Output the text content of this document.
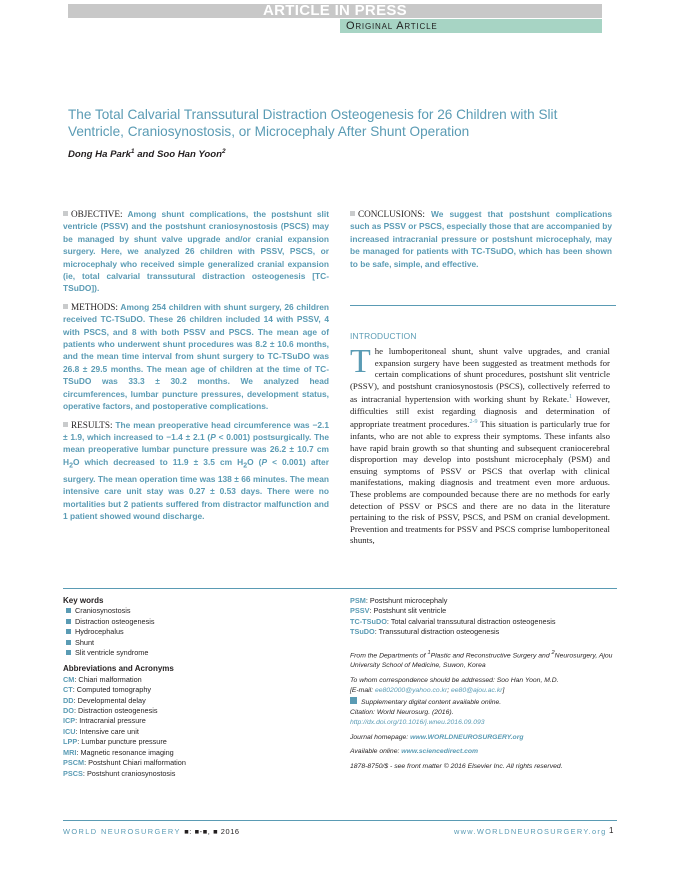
ARTICLE IN PRESS
Original Article
The Total Calvarial Transsutural Distraction Osteogenesis for 26 Children with Slit Ventricle, Craniosynostosis, or Microcephaly After Shunt Operation
Dong Ha Park$^1$ and Soo Han Yoon$^2$

OBJECTIVE: Among shunt complications, the postshunt slit ventricle (PSSV) and the postshunt craniosynostosis (PSCS) may be managed by shunt valve upgrade and/or cranial expansion surgery. Here, we analyzed 26 children with PSSV, PSCS, or microcephaly who received simple generalized cranial expansion (ie, total calvarial transsutural distraction osteogenesis [TC-TSuDO]).

METHODS: Among 254 children with shunt surgery, 26 children received TC-TSuDO. These 26 children included 14 with PSSV, 4 with PSCS, and 8 with both PSSV and PSCS. The mean age of patients who underwent shunt procedures was 8.2 ± 10.6 months, and the mean time interval from shunt surgery to TC-TSuDO was 26.8 ± 29.5 months. The mean age of children at the time of TC-TSuDO was 33.3 ± 30.2 months. We analyzed head circumferences, lumbar puncture pressures, development status, operative factors, and postoperative complications.

RESULTS: The mean preoperative head circumference was −2.1 ± 1.9, which increased to −1.4 ± 2.1 (P < 0.001) postsurgically. The mean preoperative lumbar puncture pressure was 26.2 ± 10.7 cm $H_2O$ which decreased to 11.9 ± 3.5 cm $H_2O$ (P < 0.001) after surgery. The mean operation time was 138 ± 66 minutes. The mean intensive care unit stay was 0.27 ± 0.53 days. There were no mortalities but 2 patients suffered from distractor malfunction and 1 patient showed wound discharge.

CONCLUSIONS: We suggest that postshunt complications such as PSSV or PSCS, especially those that are accompanied by increased intracranial pressure or postshunt microcephaly, may be managed for patients with TC-TSuDO, which has been shown to be safe, simple, and effective.

INTRODUCTION
The lumboperitoneal shunt, shunt valve upgrades, and cranial expansion surgery have been suggested as treatment methods for certain complications of shunt procedures, postshunt slit ventricle (PSSV), and postshunt craniosynostosis (PSCS), collectively referred to as intracranial hypertension with working shunt by Rekate.$^1$ However, difficulties still exist regarding diagnosis and determination of appropriate treatment procedures.$^{2-9}$ This situation is particularly true for infants, who are not able to express their symptoms. These infants also have rapid brain growth so that shunting and subsequent craniocerebral disproportion may develop into postshunt microcephaly (PSM) and ensuing symptoms of PSSV or PSCS that overlap with clinical manifestations, making diagnosis and treatment even more arduous. These problems are compounded because there are no methods for early detection of PSSV or PSCS and there are no data in the literature pertaining to the risk of PSSV, PSCS, and PSM on cranial development. Prevention and treatments for PSSV and PSCS comprise lumboperitoneal shunts,
Key words
Craniosynostosis
Distraction osteogenesis
Hydrocephalus
Shunt
Slit ventricle syndrome
Abbreviations and Acronyms
CM: Chiari malformation
CT: Computed tomography
DD: Developmental delay
DO: Distraction osteogenesis
ICP: Intracranial pressure
ICU: Intensive care unit
LPP: Lumbar puncture pressure
MRI: Magnetic resonance imaging
PSCM: Postshunt Chiari malformation
PSCS: Postshunt craniosynostosis
PSM: Postshunt microcephaly
PSSV: Postshunt slit ventricle
TC-TSuDO: Total calvarial transsutural distraction osteogenesis
TSuDO: Transsutural distraction osteogenesis
From the Departments of $^1$Plastic and Reconstructive Surgery and $^2$Neurosurgery, Ajou University School of Medicine, Suwon, Korea
To whom correspondence should be addressed: Soo Han Yoon, M.D.
[E-mail: ee802000@yahoo.co.kr; ee80@ajou.ac.kr]
Supplementary digital content available online.
Citation: World Neurosurg. (2016).
http://dx.doi.org/10.1016/j.wneu.2016.09.093
Journal homepage: www.WORLDNEUROSURGERY.org
Available online: www.sciencedirect.com
1878-8750/$ - see front matter © 2016 Elsevier Inc. All rights reserved.
WORLD NEUROSURGERY ■: ■-■, ■ 2016	www.WORLDNEUROSURGERY.org 1
